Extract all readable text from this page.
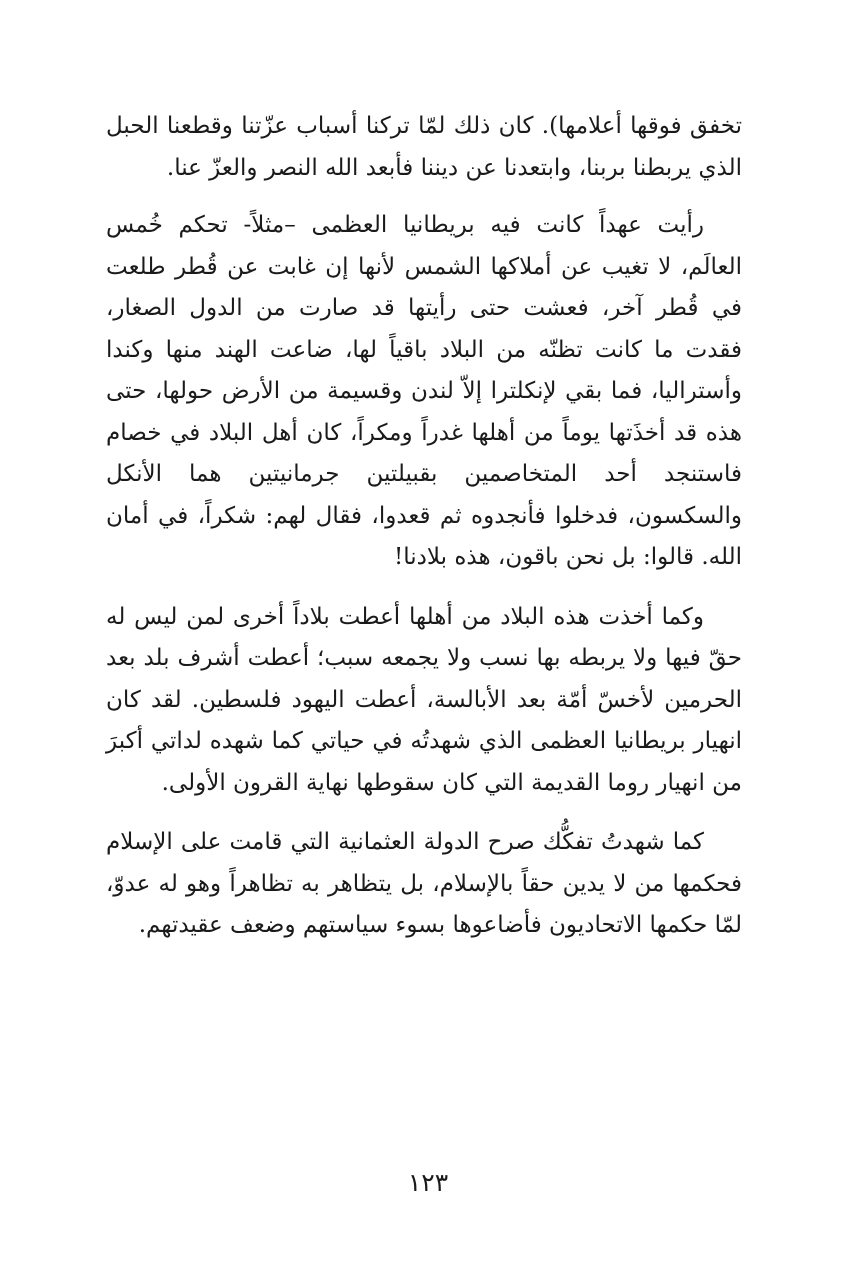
تخفق فوقها أعلامها). كان ذلك لمّا تركنا أسباب عزّتنا وقطعنا الحبل الذي يربطنا بربنا، وابتعدنا عن ديننا فأبعد الله النصر والعزّ عنا.

رأيت عهداً كانت فيه بريطانيا العظمى –مثلاً- تحكم خُمس العالَم، لا تغيب عن أملاكها الشمس لأنها إن غابت عن قُطر طلعت في قُطر آخر، فعشت حتى رأيتها قد صارت من الدول الصغار، فقدت ما كانت تظنّه من البلاد باقياً لها، ضاعت الهند منها وكندا وأستراليا، فما بقي لإنكلترا إلاّ لندن وقسيمة من الأرض حولها، حتى هذه قد أخذَتها يوماً من أهلها غدراً ومكراً، كان أهل البلاد في خصام فاستنجد أحد المتخاصمين بقبيلتين جرمانيتين هما الأنكل والسكسون، فدخلوا فأنجدوه ثم قعدوا، فقال لهم: شكراً، في أمان الله. قالوا: بل نحن باقون، هذه بلادنا!

وكما أخذت هذه البلاد من أهلها أعطت بلاداً أخرى لمن ليس له حقّ فيها ولا يربطه بها نسب ولا يجمعه سبب؛ أعطت أشرف بلد بعد الحرمين لأخسّ أمّة بعد الأبالسة، أعطت اليهود فلسطين. لقد كان انهيار بريطانيا العظمى الذي شهدتُه في حياتي كما شهده لداتي أكبرَ من انهيار روما القديمة التي كان سقوطها نهاية القرون الأولى.

كما شهدتُ تفكُّك صرح الدولة العثمانية التي قامت على الإسلام فحكمها من لا يدين حقاً بالإسلام، بل يتظاهر به تظاهراً وهو له عدوّ، لمّا حكمها الاتحاديون فأضاعوها بسوء سياستهم وضعف عقيدتهم.

١٢٣
